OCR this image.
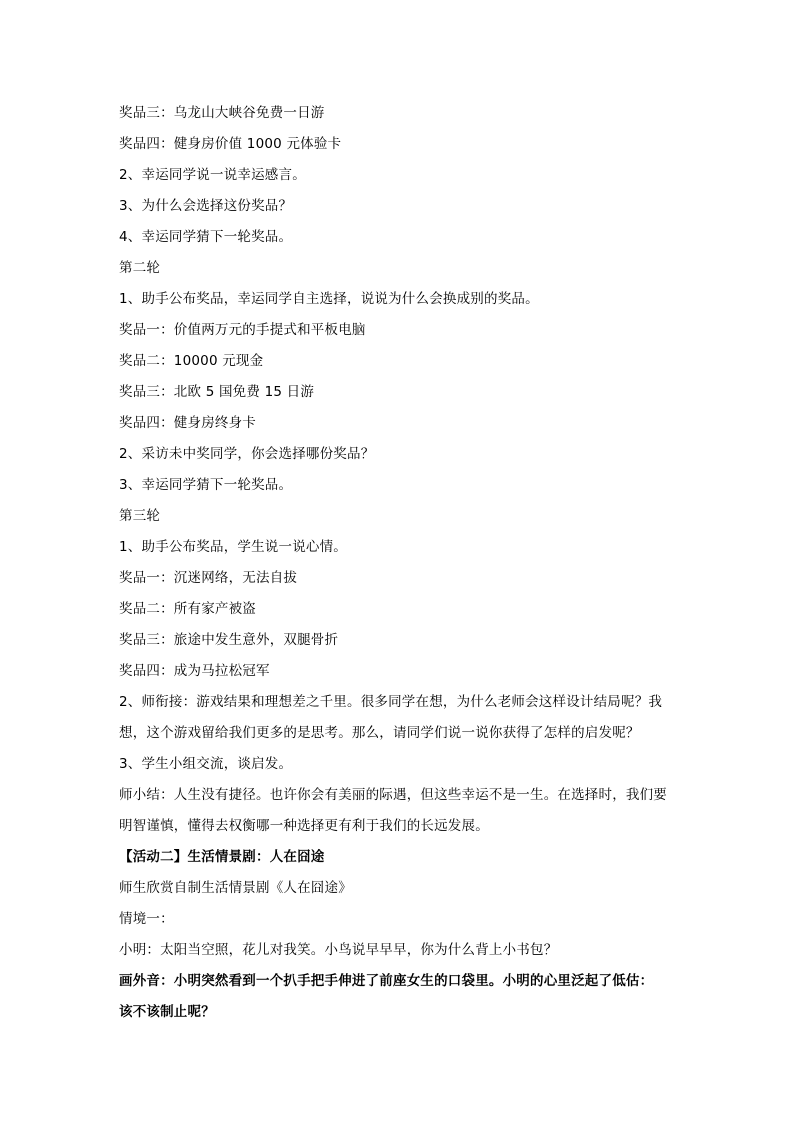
奖品三：乌龙山大峡谷免费一日游
奖品四：健身房价值 1000 元体验卡
2、幸运同学说一说幸运感言。
3、为什么会选择这份奖品？
4、幸运同学猜下一轮奖品。
第二轮
1、助手公布奖品，幸运同学自主选择，说说为什么会换成别的奖品。
奖品一：价值两万元的手提式和平板电脑
奖品二：10000 元现金
奖品三：北欧 5 国免费 15 日游
奖品四：健身房终身卡
2、采访未中奖同学，你会选择哪份奖品？
3、幸运同学猜下一轮奖品。
第三轮
1、助手公布奖品，学生说一说心情。
奖品一：沉迷网络，无法自拔
奖品二：所有家产被盗
奖品三：旅途中发生意外，双腿骨折
奖品四：成为马拉松冠军
2、师衔接：游戏结果和理想差之千里。很多同学在想，为什么老师会这样设计结局呢？我
想，这个游戏留给我们更多的是思考。那么，请同学们说一说你获得了怎样的启发呢？
3、学生小组交流，谈启发。
师小结：人生没有捷径。也许你会有美丽的际遇，但这些幸运不是一生。在选择时，我们要
明智谨慎，懂得去权衡哪一种选择更有利于我们的长远发展。
【活动二】生活情景剧：人在囧途
师生欣赏自制生活情景剧《人在囧途》
情境一：
小明：太阳当空照，花儿对我笑。小鸟说早早早，你为什么背上小书包？
画外音：小明突然看到一个扒手把手伸进了前座女生的口袋里。小明的心里泛起了低估：
该不该制止呢？
